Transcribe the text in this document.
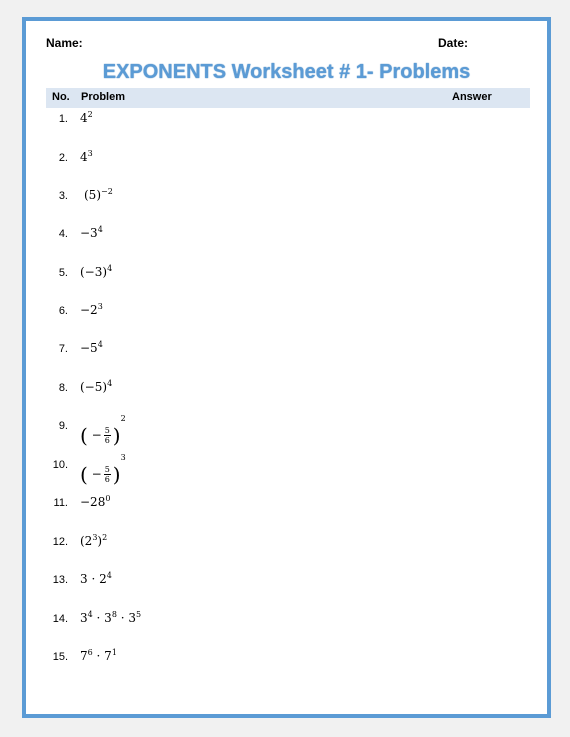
Name:	Date:
EXPONENTS Worksheet # 1- Problems
No. Problem	Answer
1. $4^2$
2. $4^3$
3. $(5)^{-2}$
4. $-3^4$
5. $(-3)^4$
6. $-2^3$
7. $-5^4$
8. $(-5)^4$
9. ( − $\frac{5}{6} )^2$
10. ( − $\frac{5}{6} )^3$
11. $-28^0$
12. $(2^3)^2$
13. $3 \cdot 2^4$
14. $3^4 \cdot 3^8 \cdot 3^5$
15. $7^6 \cdot 7^1$
